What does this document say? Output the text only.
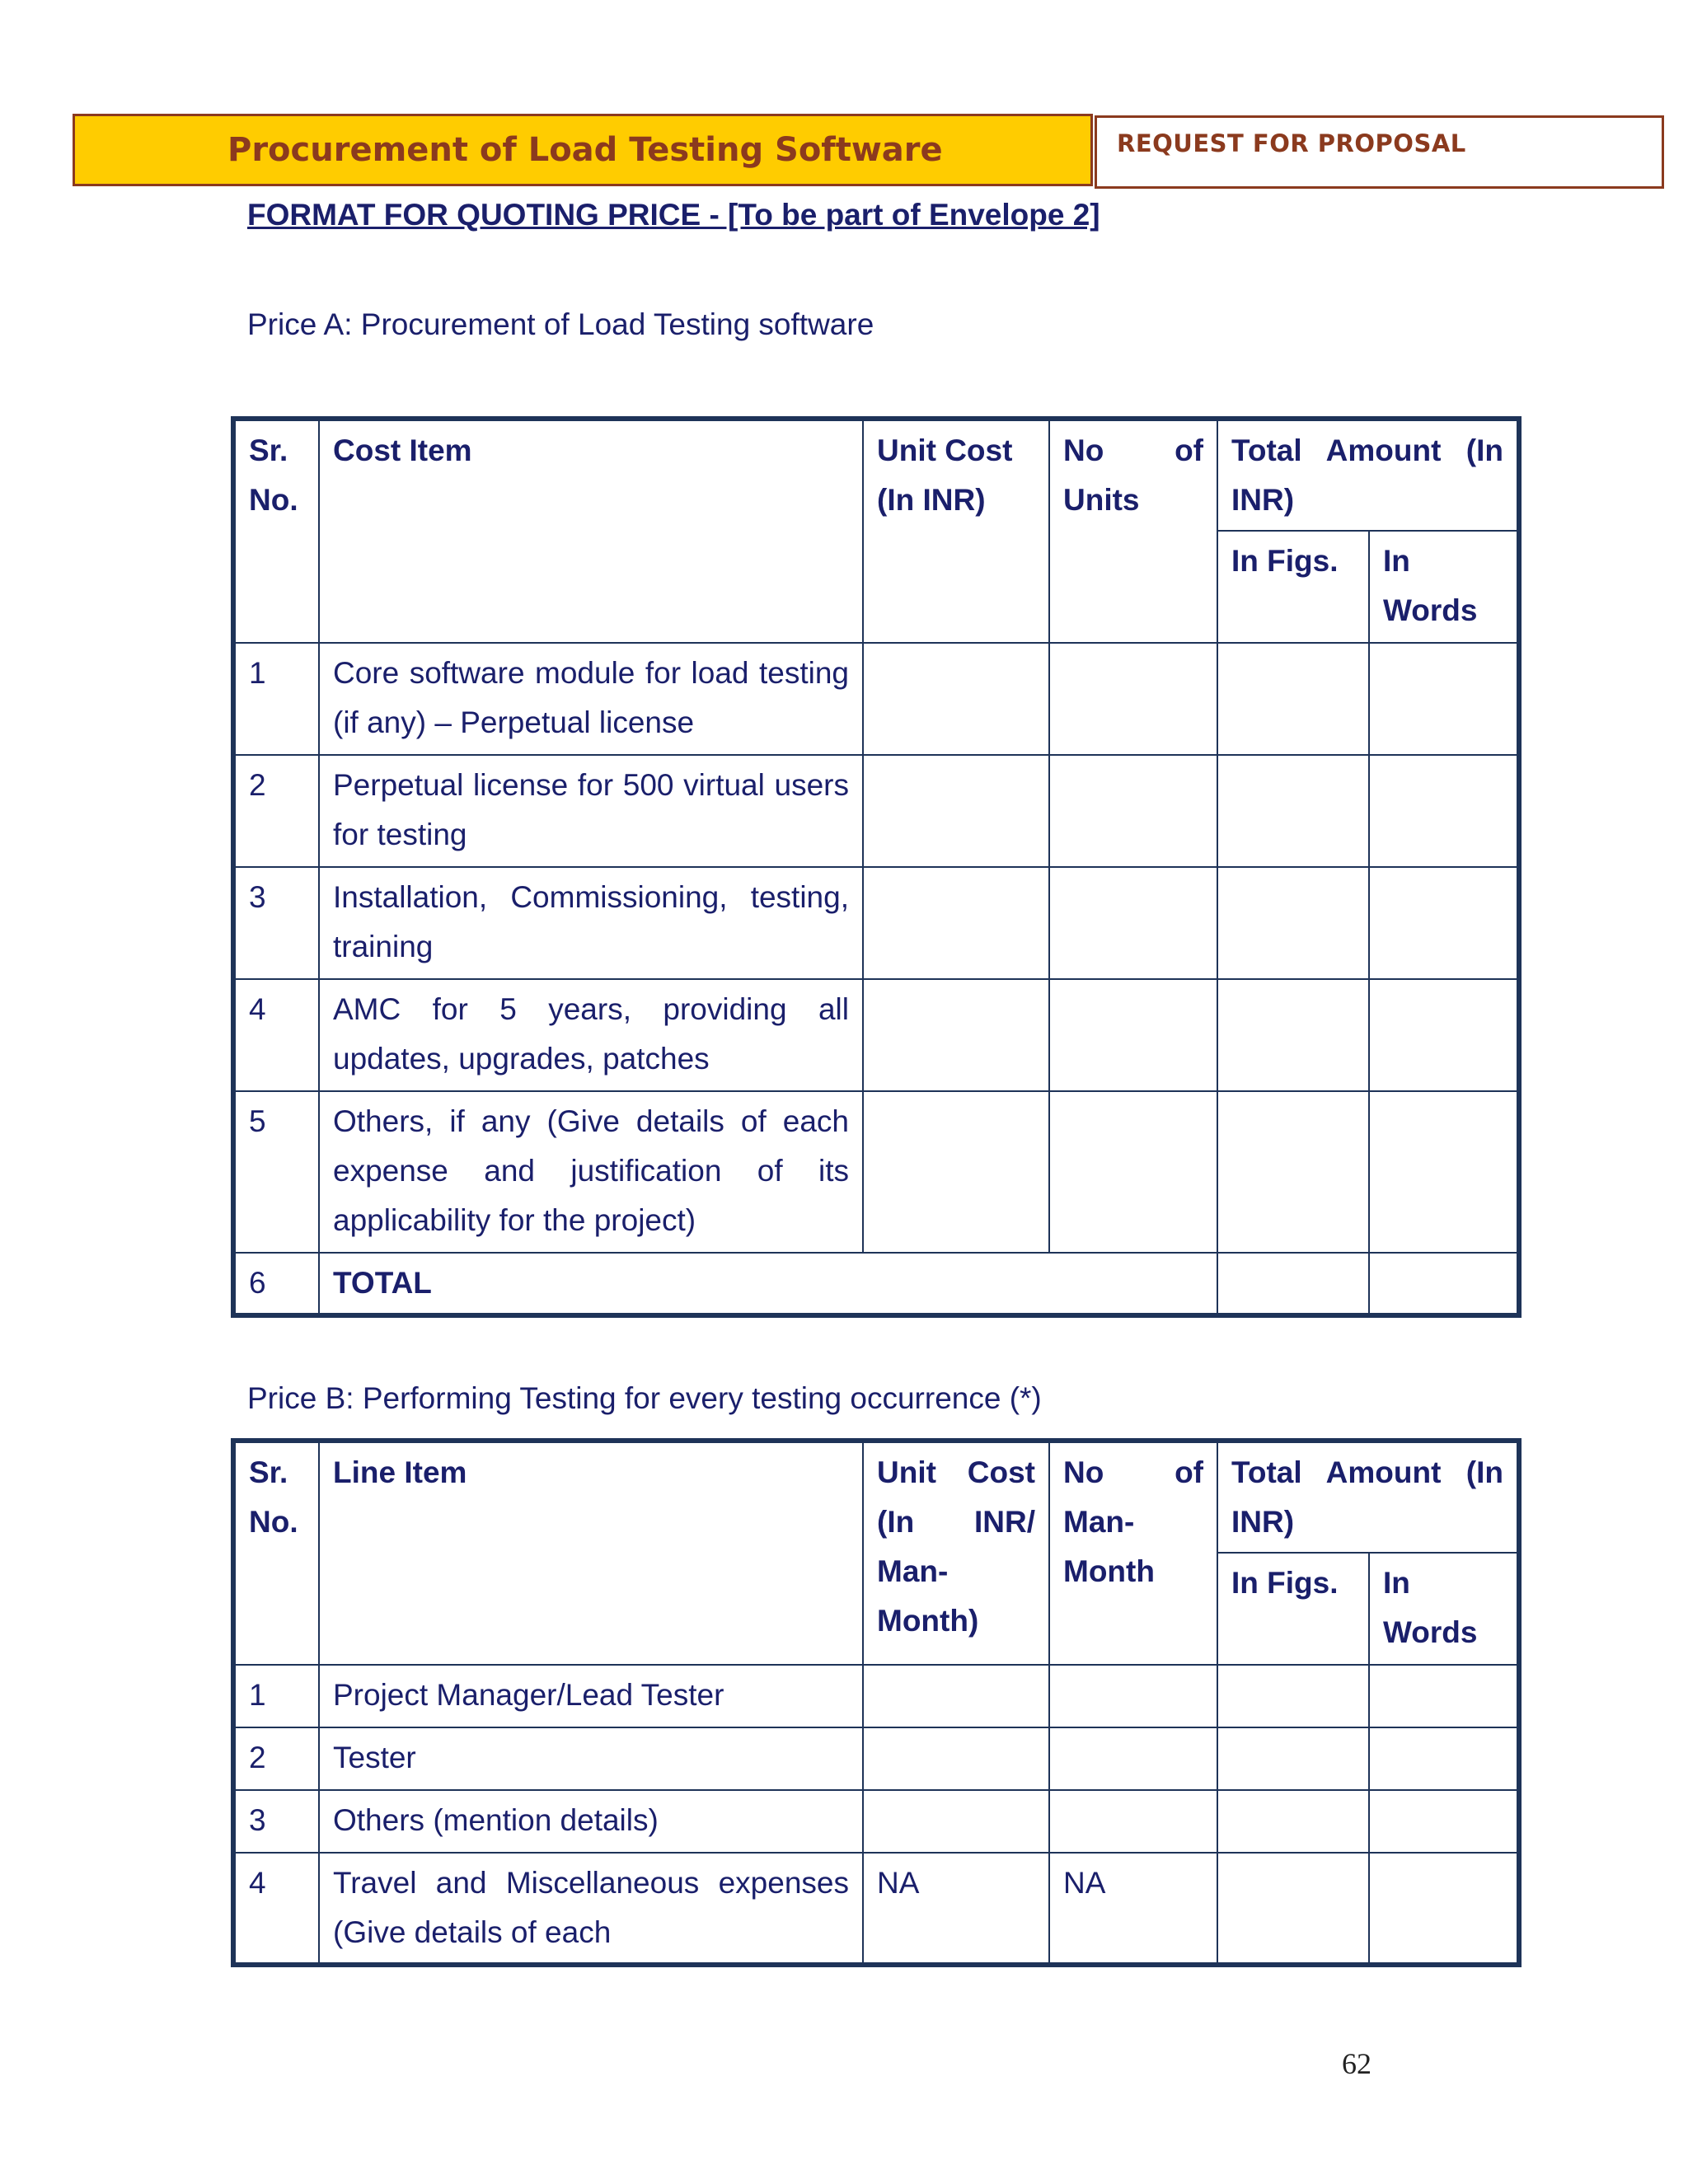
Procurement of Load Testing Software	REQUEST FOR PROPOSAL
FORMAT FOR QUOTING PRICE - [To be part of Envelope 2]
Price A: Procurement of Load Testing software
Sr. No.	Cost Item	Unit Cost (In INR)	No of Units	Total Amount (In INR)	
				In Figs.	In Words
1	Core software module for load testing (if any) – Perpetual license				
2	Perpetual license for 500 virtual users for testing				
3	Installation, Commissioning, testing, training				
4	AMC for 5 years, providing all updates, upgrades, patches				
5	Others, if any (Give details of each expense and justification of its applicability for the project)				
6	TOTAL				
Price B: Performing Testing for every testing occurrence (*)
Sr. No.	Line Item	Unit Cost (In INR/ Man-Month)	No of Man-Month	Total Amount (In INR)	
				In Figs.	In Words
1	Project Manager/Lead Tester				
2	Tester				
3	Others (mention details)				
4	Travel and Miscellaneous expenses (Give details of each	NA	NA		
62
